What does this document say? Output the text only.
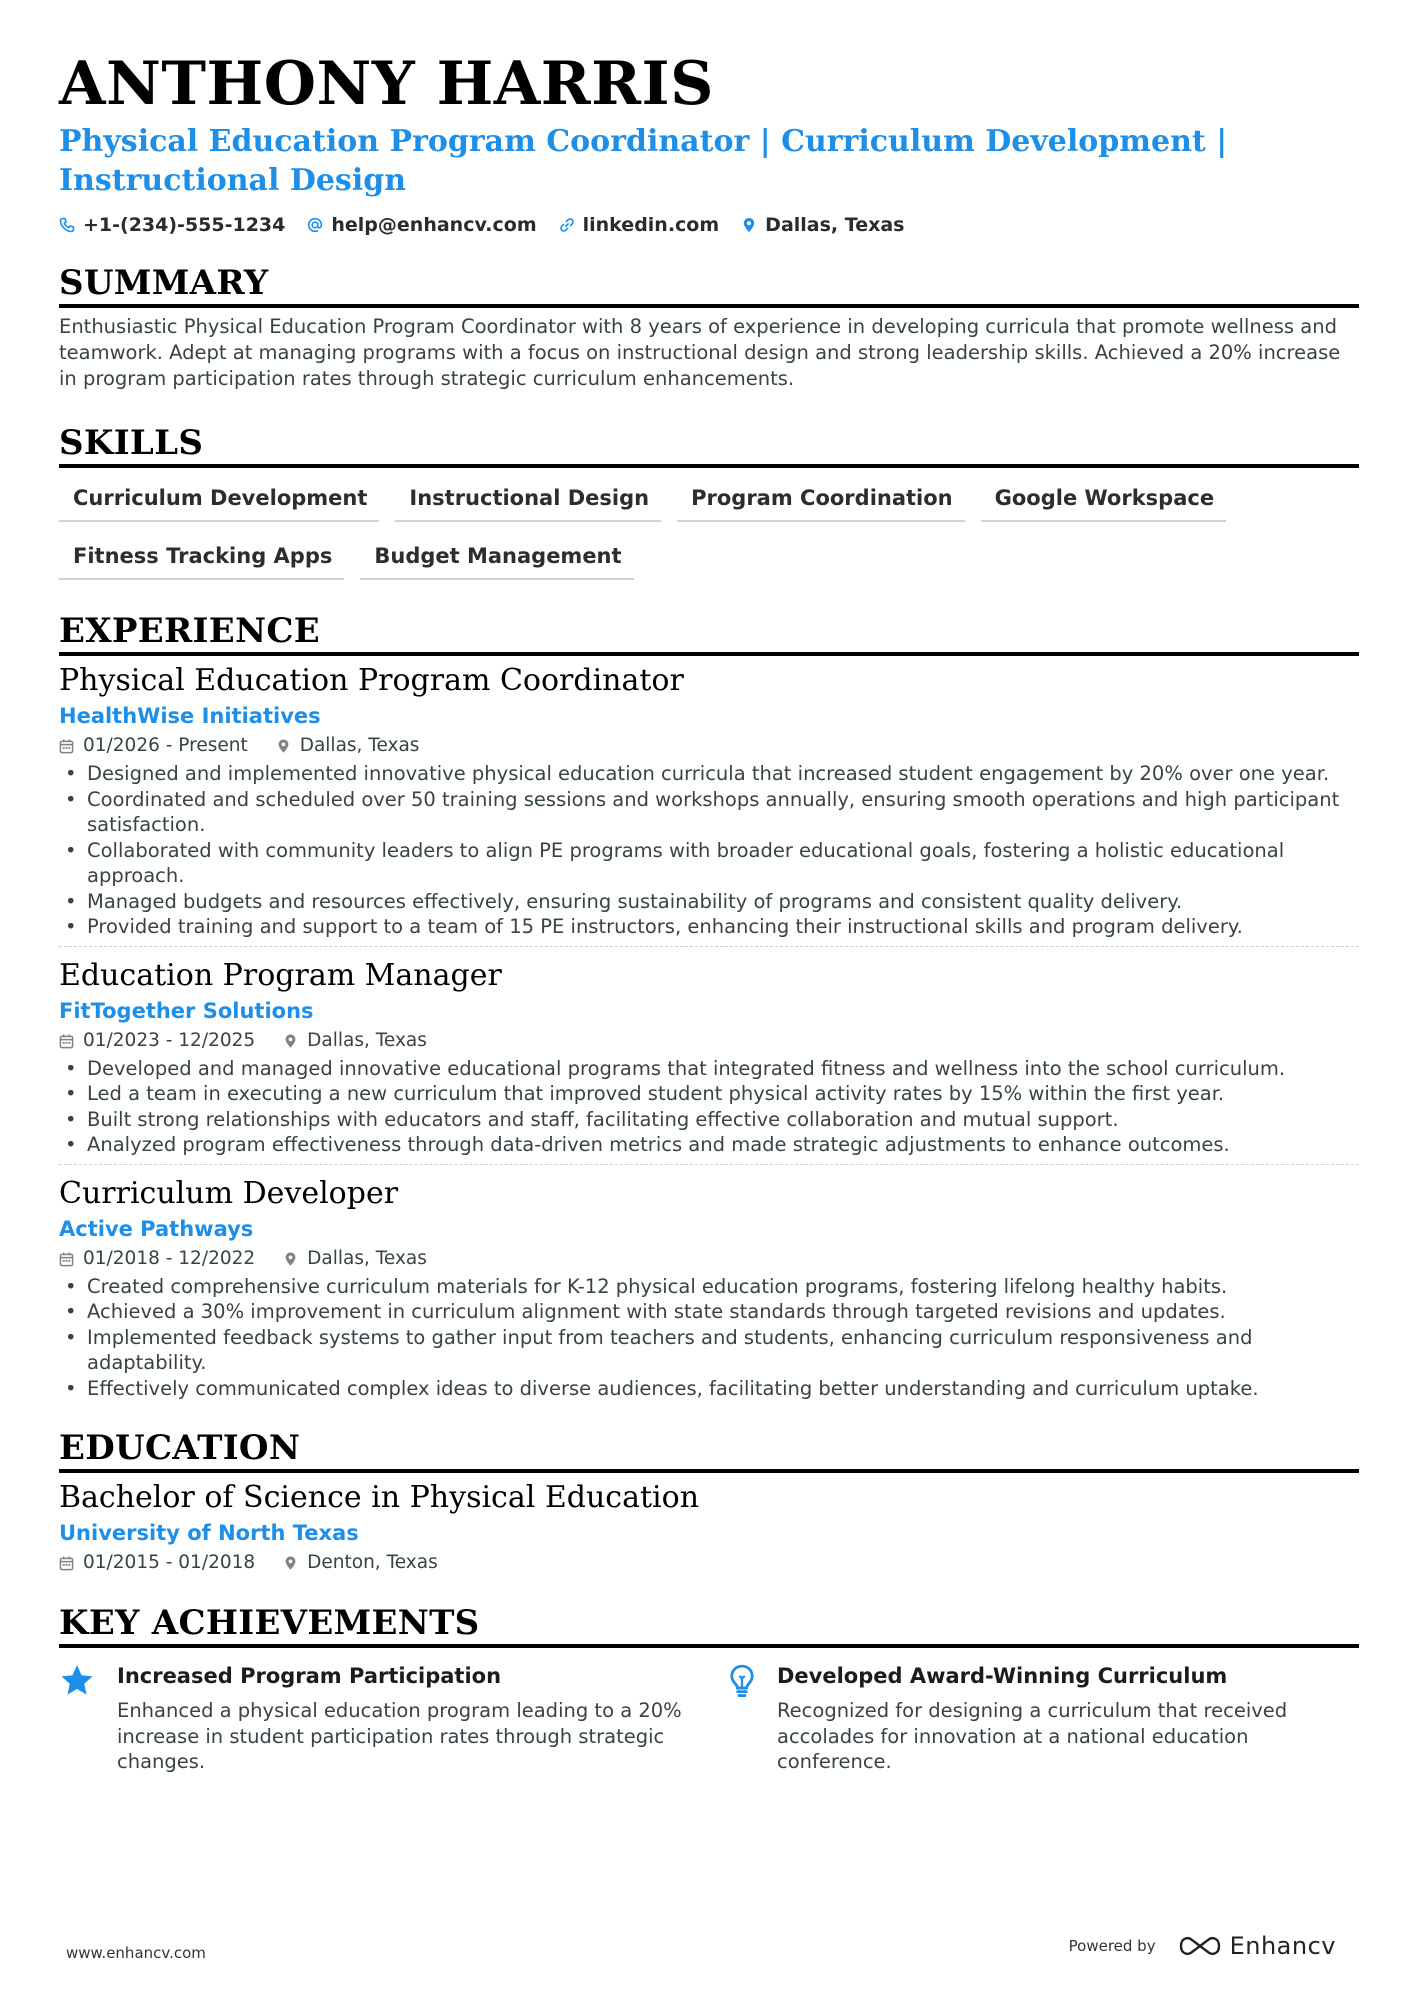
ANTHONY HARRIS
Physical Education Program Coordinator | Curriculum Development | Instructional Design
+1-(234)-555-1234 help@enhancv.com linkedin.com Dallas, Texas
SUMMARY
Enthusiastic Physical Education Program Coordinator with 8 years of experience in developing curricula that promote wellness and teamwork. Adept at managing programs with a focus on instructional design and strong leadership skills. Achieved a 20% increase in program participation rates through strategic curriculum enhancements.
SKILLS
Curriculum Development	Instructional Design	Program Coordination	Google Workspace
Fitness Tracking Apps	Budget Management
EXPERIENCE
Physical Education Program Coordinator
HealthWise Initiatives
01/2026 - Present	Dallas, Texas
• Designed and implemented innovative physical education curricula that increased student engagement by 20% over one year.
• Coordinated and scheduled over 50 training sessions and workshops annually, ensuring smooth operations and high participant satisfaction.
• Collaborated with community leaders to align PE programs with broader educational goals, fostering a holistic educational approach.
• Managed budgets and resources effectively, ensuring sustainability of programs and consistent quality delivery.
• Provided training and support to a team of 15 PE instructors, enhancing their instructional skills and program delivery.
Education Program Manager
FitTogether Solutions
01/2023 - 12/2025	Dallas, Texas
• Developed and managed innovative educational programs that integrated fitness and wellness into the school curriculum.
• Led a team in executing a new curriculum that improved student physical activity rates by 15% within the first year.
• Built strong relationships with educators and staff, facilitating effective collaboration and mutual support.
• Analyzed program effectiveness through data-driven metrics and made strategic adjustments to enhance outcomes.
Curriculum Developer
Active Pathways
01/2018 - 12/2022	Dallas, Texas
• Created comprehensive curriculum materials for K-12 physical education programs, fostering lifelong healthy habits.
• Achieved a 30% improvement in curriculum alignment with state standards through targeted revisions and updates.
• Implemented feedback systems to gather input from teachers and students, enhancing curriculum responsiveness and adaptability.
• Effectively communicated complex ideas to diverse audiences, facilitating better understanding and curriculum uptake.
EDUCATION
Bachelor of Science in Physical Education
University of North Texas
01/2015 - 01/2018	Denton, Texas
KEY ACHIEVEMENTS
Increased Program Participation
Enhanced a physical education program leading to a 20% increase in student participation rates through strategic changes.
Developed Award-Winning Curriculum
Recognized for designing a curriculum that received accolades for innovation at a national education conference.
www.enhancv.com	Powered by	Enhancv
